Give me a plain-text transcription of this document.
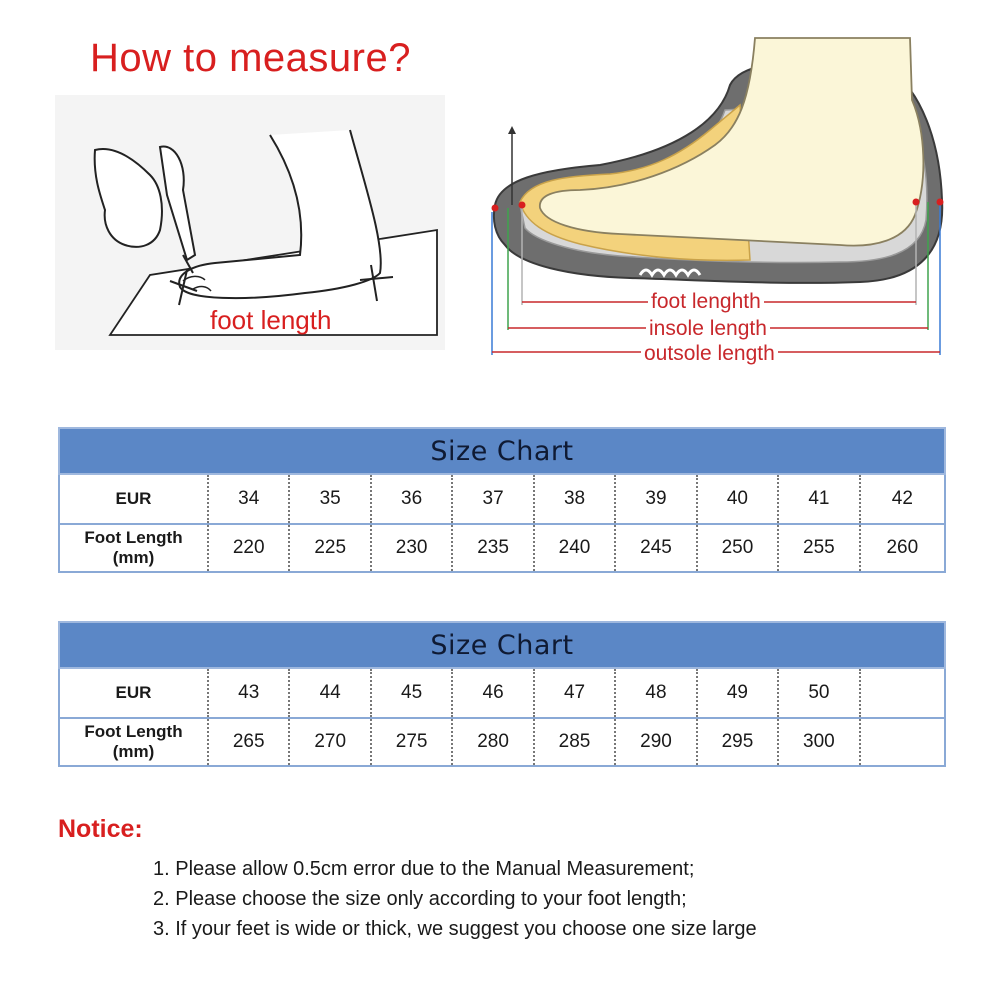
How to measure?
foot length
foot lenghth
insole length
outsole length
Size Chart
EUR	34	35	36	37	38	39	40	41	42
Foot Length
(mm)	220	225	230	235	240	245	250	255	260
Size Chart
EUR	43	44	45	46	47	48	49	50
Foot Length
(mm)	265	270	275	280	285	290	295	300
Notice:
1. Please allow 0.5cm error due to the Manual Measurement;
2. Please choose the size only according to your foot length;
3. If your feet is wide or thick, we suggest you choose one size large
